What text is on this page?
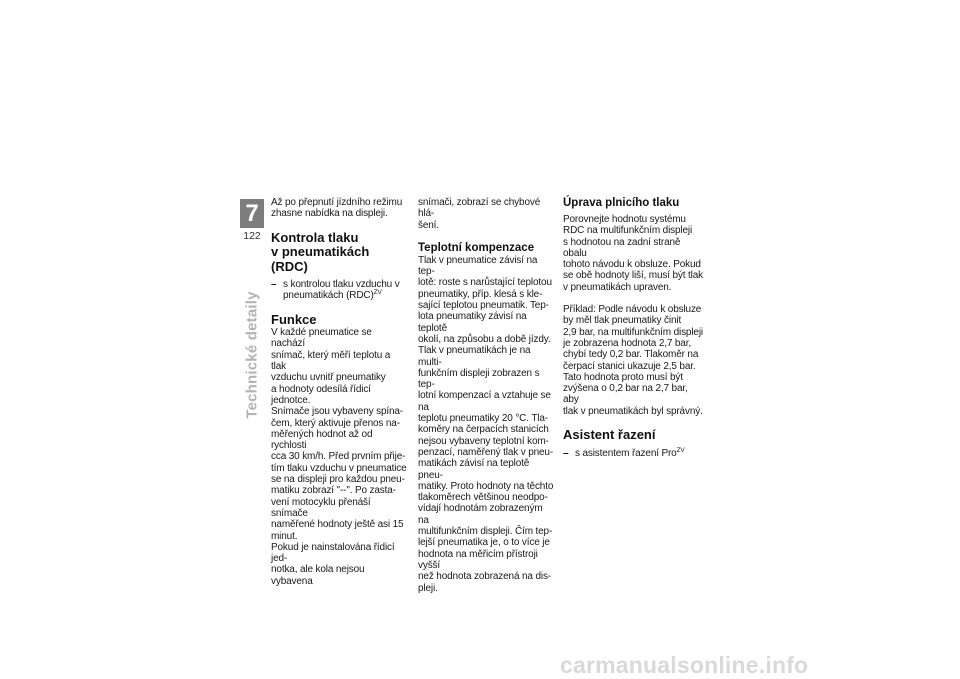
7
122
Technické detaily

Až po přepnutí jízdního režimu

zhasne nabídka na displeji.

Kontrola tlaku

v pneumatikách (RDC)

– s kontrolou tlaku vzduchu v

pneumatikách (RDC)$^{ZV}$

Funkce

V každé pneumatice se nachází

snímač, který měří teplotu a tlak

vzduchu uvnitř pneumatiky

a hodnoty odesílá řídicí jednotce.

Snímače jsou vybaveny spína-

čem, který aktivuje přenos na-

měřených hodnot až od rychlosti

cca 30 km/h. Před prvním přije-

tím tlaku vzduchu v pneumatice

se na displeji pro každou pneu-

matiku zobrazí "--". Po zasta-

vení motocyklu přenáší snímače

naměřené hodnoty ještě asi 15

minut.

Pokud je nainstalována řídicí jed-

notka, ale kola nejsou vybavena

snímači, zobrazí se chybové hlá-

šení.

Teplotní kompenzace

Tlak v pneumatice závisí na tep-

lotě: roste s narůstající teplotou

pneumatiky, příp. klesá s kle-

sající teplotou pneumatik. Tep-

lota pneumatiky závisí na teplotě

okolí, na způsobu a době jízdy.

Tlak v pneumatikách je na multi-

funkčním displeji zobrazen s tep-

lotní kompenzací a vztahuje se na

teplotu pneumatiky 20 °C. Tla-

koměry na čerpacích stanicích

nejsou vybaveny teplotní kom-

penzací, naměřený tlak v pneu-

matikách závisí na teplotě pneu-

matiky. Proto hodnoty na těchto

tlakoměrech většinou neodpo-

vídají hodnotám zobrazeným na

multifunkčním displeji. Čím tep-

lejší pneumatika je, o to více je

hodnota na měřicím přístroji vyšší

než hodnota zobrazená na dis-

pleji.

Úprava plnicího tlaku

Porovnejte hodnotu systému

RDC na multifunkčním displeji

s hodnotou na zadní straně obalu

tohoto návodu k obsluze. Pokud

se obě hodnoty liší, musí být tlak

v pneumatikách upraven.

Příklad: Podle návodu k obsluze

by měl tlak pneumatiky činit

2,9 bar, na multifunkčním displeji

je zobrazena hodnota 2,7 bar,

chybí tedy 0,2 bar. Tlakoměr na

čerpací stanici ukazuje 2,5 bar.

Tato hodnota proto musí být

zvýšena o 0,2 bar na 2,7 bar, aby

tlak v pneumatikách byl správný.

Asistent řazení

– s asistentem řazení Pro$^{ZV}$

carmanualsonline.info
